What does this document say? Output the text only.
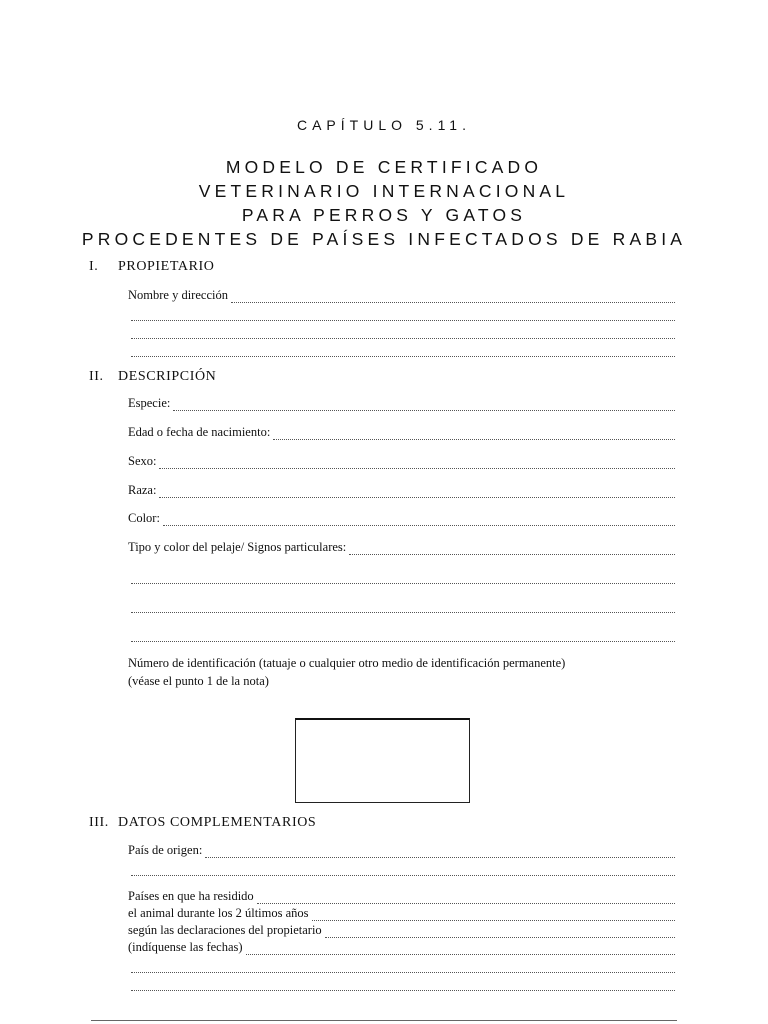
CAPÍTULO 5.11.
MODELO DE CERTIFICADO
VETERINARIO INTERNACIONAL
PARA PERROS Y GATOS
PROCEDENTES DE PAÍSES INFECTADOS DE RABIA
I. PROPIETARIO
Nombre y dirección
II. DESCRIPCIÓN
Especie:
Edad o fecha de nacimiento:
Sexo:
Raza:
Color:
Tipo y color del pelaje/ Signos particulares:
Número de identificación (tatuaje o cualquier otro medio de identificación permanente)
(véase el punto 1 de la nota)
III. DATOS COMPLEMENTARIOS
País de origen:
Países en que ha residido
el animal durante los 2 últimos años
según las declaraciones del propietario
(indíquense las fechas)
